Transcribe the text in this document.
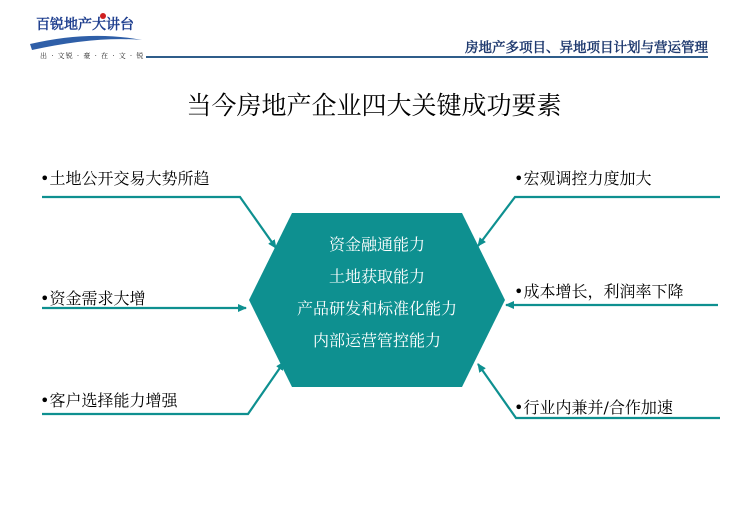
百锐地产大讲台
出 · 文锐 · 豪 · 在 · 文 · 锐	房地产多项目、异地项目计划与营运管理
当今房地产企业四大关键成功要素
•土地公开交易大势所趋
•资金需求大增
•客户选择能力增强
•宏观调控力度加大
•成本增长，利润率下降
•行业内兼并/合作加速
资金融通能力
土地获取能力
产品研发和标准化能力
内部运营管控能力
